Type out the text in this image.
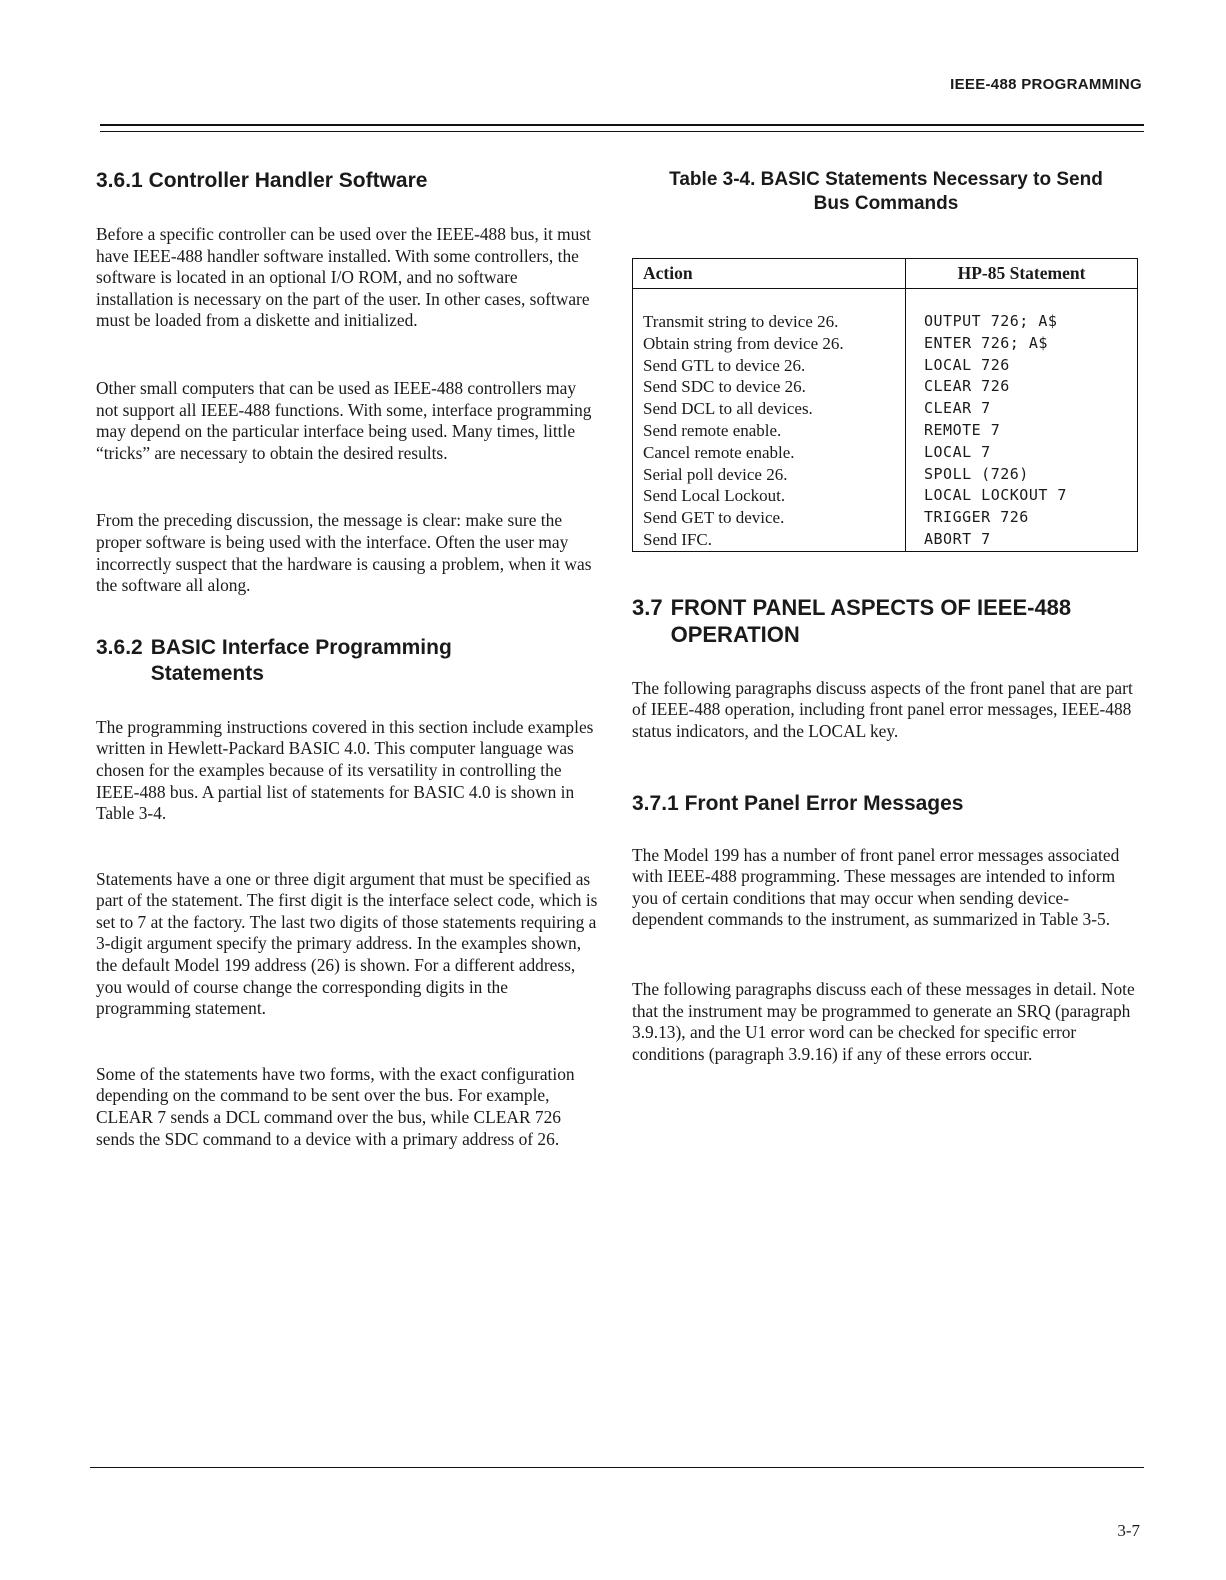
IEEE-488 PROGRAMMING
3.6.1 Controller Handler Software

Before a specific controller can be used over the IEEE-488 bus, it must have IEEE-488 handler software installed. With some controllers, the software is located in an optional I/O ROM, and no software installation is necessary on the part of the user. In other cases, software must be loaded from a diskette and initialized.

Other small computers that can be used as IEEE-488 controllers may not support all IEEE-488 functions. With some, interface programming may depend on the particular interface being used. Many times, little “tricks” are necessary to obtain the desired results.

From the preceding discussion, the message is clear: make sure the proper software is being used with the interface. Often the user may incorrectly suspect that the hardware is causing a problem, when it was the software all along.

3.6.2 BASIC Interface Programming Statements

The programming instructions covered in this section include examples written in Hewlett-Packard BASIC 4.0. This computer language was chosen for the examples because of its versatility in controlling the IEEE-488 bus. A partial list of statements for BASIC 4.0 is shown in Table 3-4.

Statements have a one or three digit argument that must be specified as part of the statement. The first digit is the interface select code, which is set to 7 at the factory. The last two digits of those statements requiring a 3-digit argument specify the primary address. In the examples shown, the default Model 199 address (26) is shown. For a different address, you would of course change the corresponding digits in the programming statement.

Some of the statements have two forms, with the exact configuration depending on the command to be sent over the bus. For example, CLEAR 7 sends a DCL command over the bus, while CLEAR 726 sends the SDC command to a device with a primary address of 26.

Table 3-4. BASIC Statements Necessary to Send

Bus Commands

Action	HP-85 Statement

Transmit string to device 26.	OUTPUT 726; A$
Obtain string from device 26.	ENTER 726; A$
Send GTL to device 26.	LOCAL 726
Send SDC to device 26.	CLEAR 726
Send DCL to all devices.	CLEAR 7
Send remote enable.	REMOTE 7
Cancel remote enable.	LOCAL 7
Serial poll device 26.	SPOLL (726)
Send Local Lockout.	LOCAL LOCKOUT 7
Send GET to device.	TRIGGER 726
Send IFC.	ABORT 7
3.7 FRONT PANEL ASPECTS OF IEEE-488 OPERATION

The following paragraphs discuss aspects of the front panel that are part of IEEE-488 operation, including front panel error messages, IEEE-488 status indicators, and the LOCAL key.

3.7.1 Front Panel Error Messages

The Model 199 has a number of front panel error messages associated with IEEE-488 programming. These messages are intended to inform you of certain conditions that may occur when sending device-dependent commands to the instrument, as summarized in Table 3-5.

The following paragraphs discuss each of these messages in detail. Note that the instrument may be programmed to generate an SRQ (paragraph 3.9.13), and the U1 error word can be checked for specific error conditions (paragraph 3.9.16) if any of these errors occur.

3-7
